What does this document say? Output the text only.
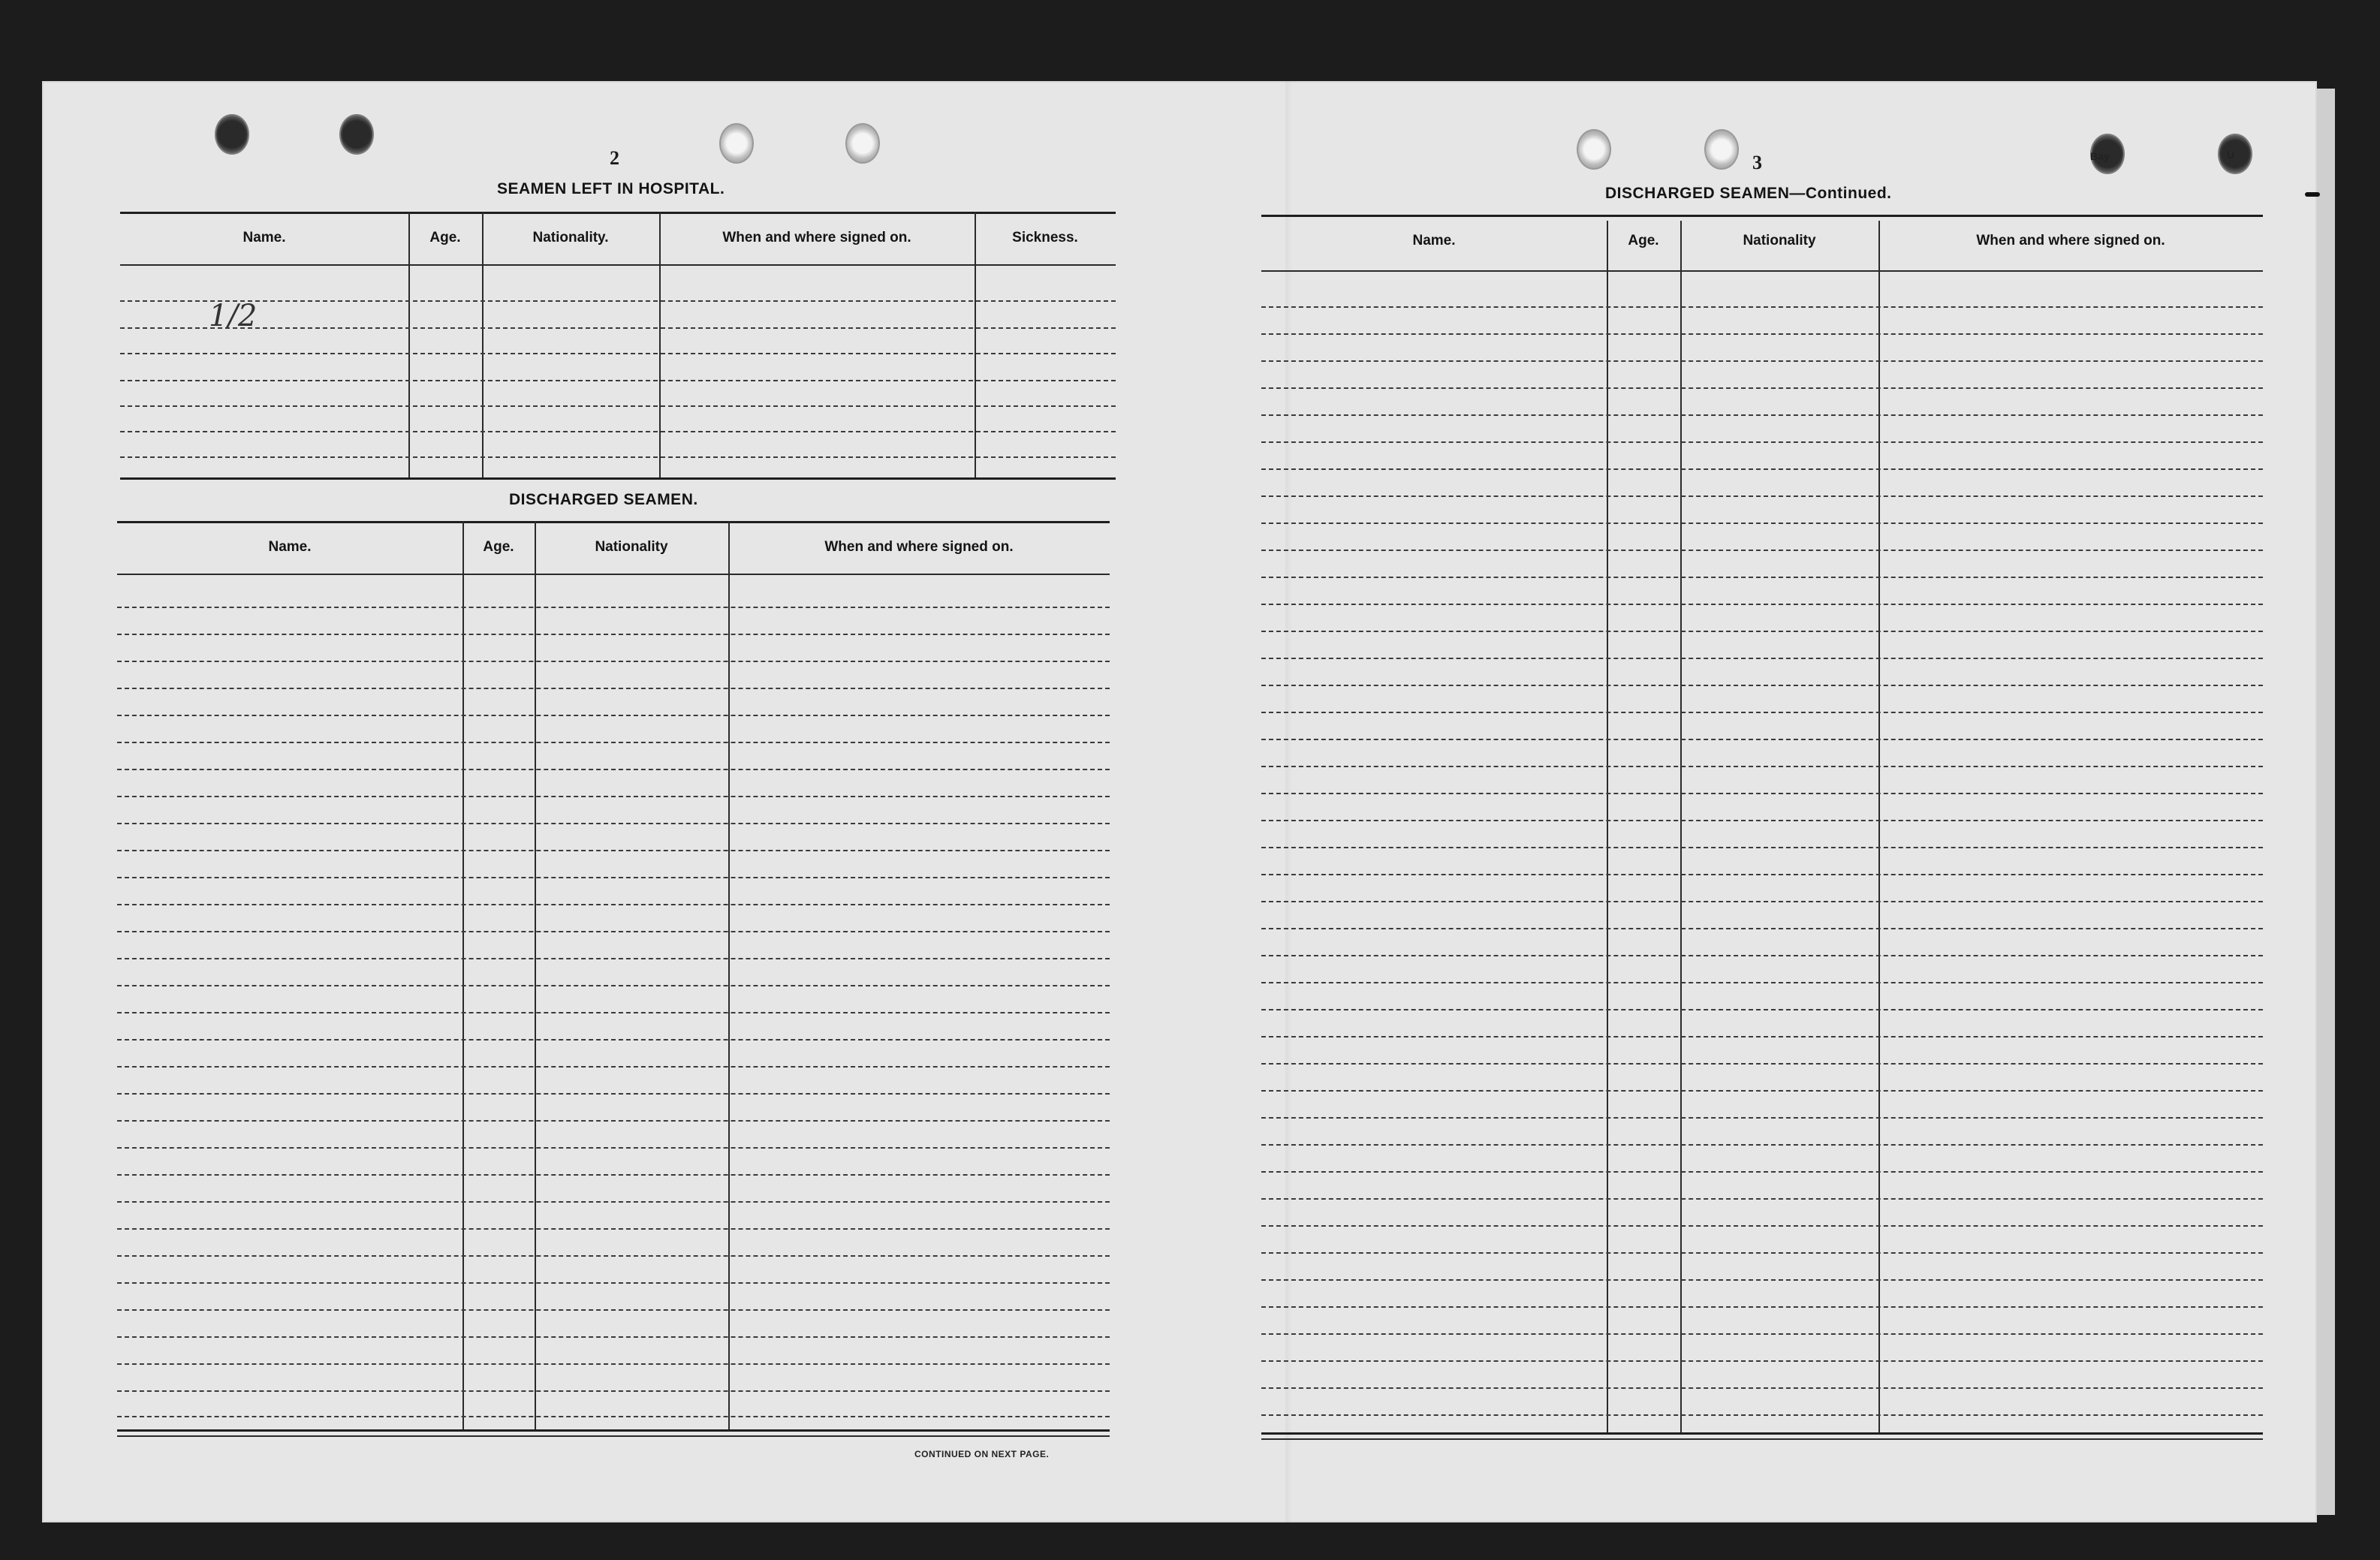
Bay	U
2
SEAMEN LEFT IN HOSPITAL.
Name.	Age.	Nationality.	When and where signed on.	Sickness.
1/2
DISCHARGED SEAMEN.
Name.	Age.	Nationality	When and where signed on.
CONTINUED ON NEXT PAGE.
3
DISCHARGED SEAMEN—Continued.
Name.	Age.	Nationality	When and where signed on.
